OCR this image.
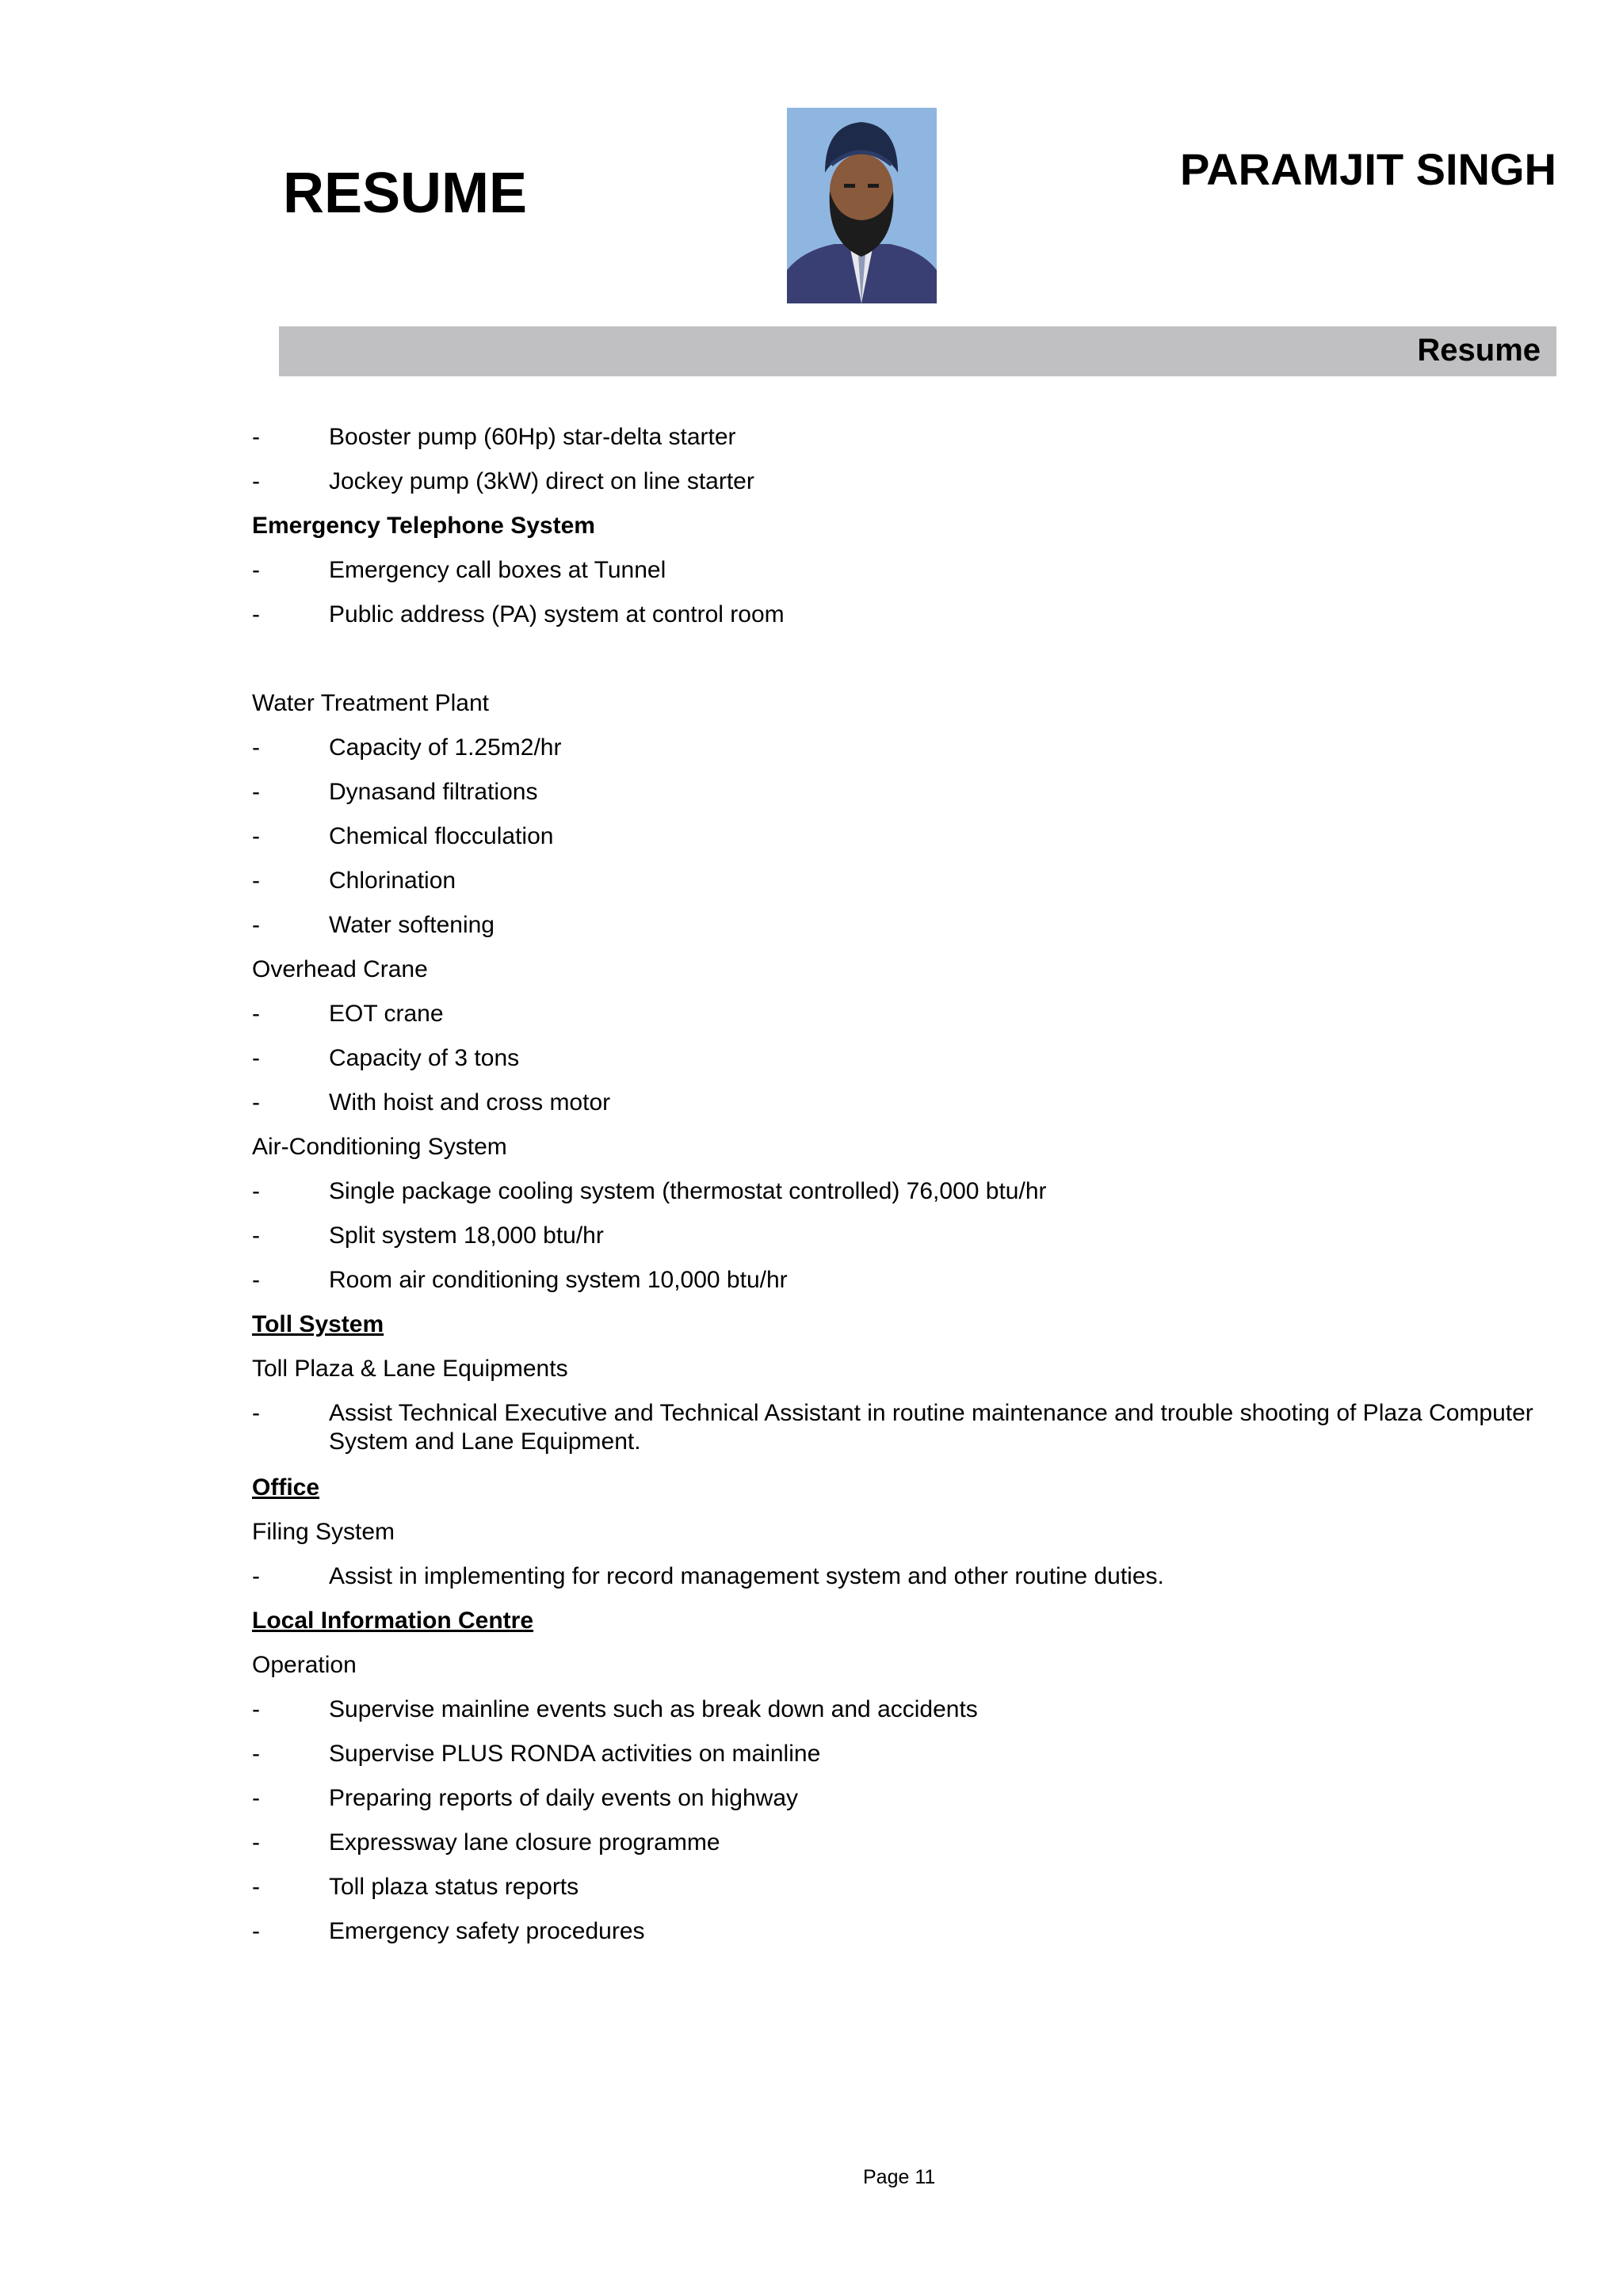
RESUME	PARAMJIT SINGH
Resume
-	Booster pump (60Hp) star-delta starter
-	Jockey pump (3kW) direct on line starter
Emergency Telephone System
-	Emergency call boxes at Tunnel
-	Public address (PA) system at control room
Water Treatment Plant
-	Capacity of 1.25m2/hr
-	Dynasand filtrations
-	Chemical flocculation
-	Chlorination
-	Water softening
Overhead Crane
-	EOT crane
-	Capacity of 3 tons
-	With hoist and cross motor
Air-Conditioning System
-	Single package cooling system (thermostat controlled) 76,000 btu/hr
-	Split system 18,000 btu/hr
-	Room air conditioning system 10,000 btu/hr
Toll System
Toll Plaza & Lane Equipments
-	Assist Technical Executive and Technical Assistant in routine maintenance and trouble shooting of Plaza Computer System and Lane Equipment.
Office
Filing System
-	Assist in implementing for record management system and other routine duties.
Local Information Centre
Operation
-	Supervise mainline events such as break down and accidents
-	Supervise PLUS RONDA activities on mainline
-	Preparing reports of daily events on highway
-	Expressway lane closure programme
-	Toll plaza status reports
-	Emergency safety procedures
Page 11
